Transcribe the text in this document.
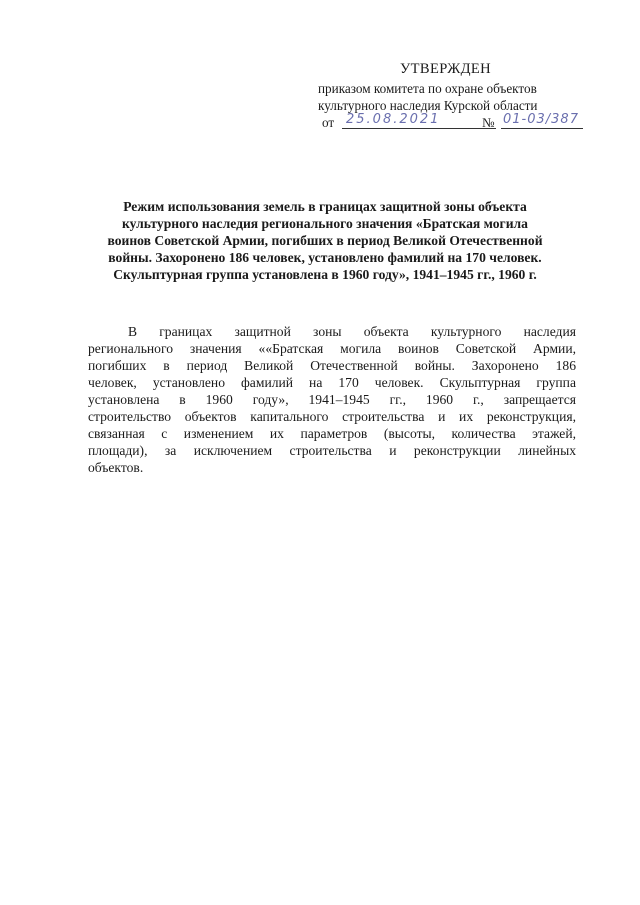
УТВЕРЖДЕН
приказом комитета по охране объектов
культурного наследия Курской области
от 25.08.2021	№ 01-03/387
Режим использования земель в границах защитной зоны объекта
культурного наследия регионального значения «Братская могила
воинов Советской Армии, погибших в период Великой Отечественной
войны. Захоронено 186 человек, установлено фамилий на 170 человек.
Скульптурная группа установлена в 1960 году», 1941–1945 гг., 1960 г.
В границах защитной зоны объекта культурного наследия
регионального значения ««Братская могила воинов Советской Армии,
погибших в период Великой Отечественной войны. Захоронено 186
человек, установлено фамилий на 170 человек. Скульптурная группа
установлена в 1960 году», 1941–1945 гг., 1960 г., запрещается
строительство объектов капитального строительства и их реконструкция,
связанная с изменением их параметров (высоты, количества этажей,
площади), за исключением строительства и реконструкции линейных
объектов.
